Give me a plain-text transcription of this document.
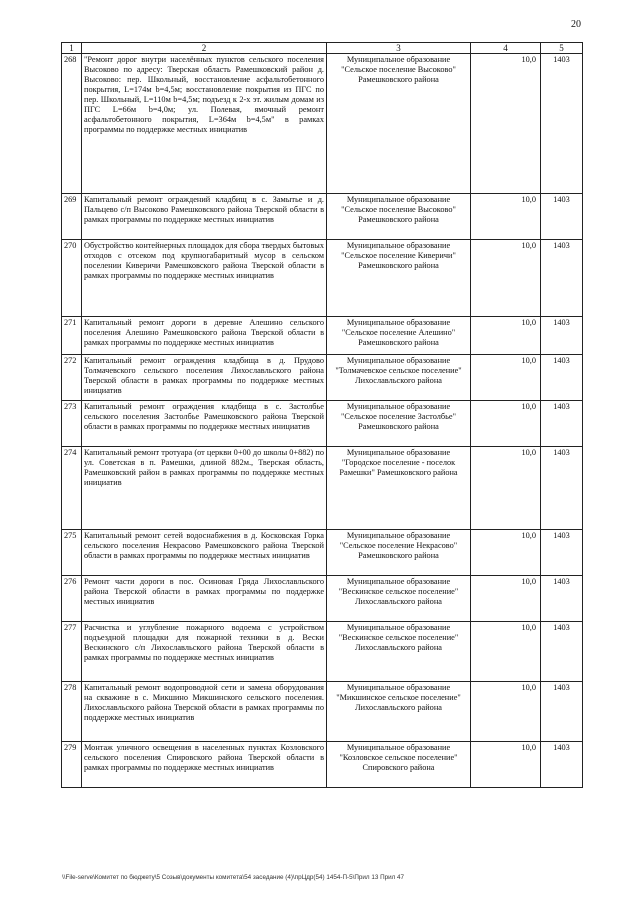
20
1	2	3	4	5
268	"Ремонт дорог внутри населённых пунктов сельского поселения Высоково по адресу: Тверская область Рамешковский район д. Высоково: пер. Школьный, восстановление асфальтобетонного покрытия, L=174м b=4,5м; восстановление покрытия из ПГС по пер. Школьный, L=110м b=4,5м; подъезд к 2-х эт. жилым домам из ПГС L=66м b=4,0м; ул. Полевая, ямочный ремонт асфальтобетонного покрытия, L=364м b=4,5м" в рамках программы по поддержке местных инициатив	Муниципальное образование "Сельское поселение Высоково" Рамешковского района	10,0	1403
269	Капитальный ремонт ограждений кладбищ в с. Замытье и д. Пальцево с/п Высоково Рамешковского района Тверской области в рамках программы по поддержке местных инициатив	Муниципальное образование "Сельское поселение Высоково" Рамешковского района	10,0	1403
270	Обустройство контейнерных площадок для сбора твердых бытовых отходов с отсеком под крупногабаритный мусор в сельском поселении Киверичи Рамешковского района Тверской области в рамках программы по поддержке местных инициатив	Муниципальное образование "Сельское поселение Киверичи" Рамешковского района	10,0	1403
271	Капитальный ремонт дороги в деревне Алешино сельского поселения Алешино Рамешковского района Тверской области в рамках программы по поддержке местных инициатив	Муниципальное образование "Сельское поселение Алешино" Рамешковского района	10,0	1403
272	Капитальный ремонт ограждения кладбища в д. Прудово Толмачевского сельского поселения Лихославльского района Тверской области в рамках программы по поддержке местных инициатив	Муниципальное образование "Толмачевское сельское поселение" Лихославльского района	10,0	1403
273	Капитальный ремонт ограждения кладбища в с. Застолбье сельского поселения Застолбье Рамешковского района Тверской области в рамках программы по поддержке местных инициатив	Муниципальное образование "Сельское поселение Застолбье" Рамешковского района	10,0	1403
274	Капитальный ремонт тротуара (от церкви 0+00 до школы 0+882) по ул. Советская в п. Рамешки, длиной 882м., Тверская область, Рамешковский район в рамках программы по поддержке местных инициатив	Муниципальное образование "Городское поселение - поселок Рамешки" Рамешковского района	10,0	1403
275	Капитальный ремонт сетей водоснабжения в д. Косковская Горка сельского поселения Некрасово Рамешковского района Тверской области в рамках программы по поддержке местных инициатив	Муниципальное образование "Сельское поселение Некрасово" Рамешковского района	10,0	1403
276	Ремонт части дороги в пос. Осиновая Гряда Лихославльского района Тверской области в рамках программы по поддержке местных инициатив	Муниципальное образование "Вескинское сельское поселение" Лихославльского района	10,0	1403
277	Расчистка и углубление пожарного водоема с устройством подъездной площадки для пожарной техники в д. Вески Вескинского с/п Лихославльского района Тверской области в рамках программы по поддержке местных инициатив	Муниципальное образование "Вескинское сельское поселение" Лихославльского района	10,0	1403
278	Капитальный ремонт водопроводной сети и замена оборудования на скважине в с. Микшино Микшинского сельского поселения. Лихославльского района Тверской области в рамках программы по поддержке местных инициатив	Муниципальное образование "Микшинское сельское поселение" Лихославльского района	10,0	1403
279	Монтаж уличного освещения в населенных пунктах Козловского сельского поселения Спировского района Тверской области в рамках программы по поддержке местных инициатив	Муниципальное образование "Козловское сельское поселение" Спировского района	10,0	1403
\\File-serve\Комитет по бюджету\5 Созыв\документы комитета\54 заседание (4)\прЦдр(54) 1454-П-5\Прил 13 Прил 47
